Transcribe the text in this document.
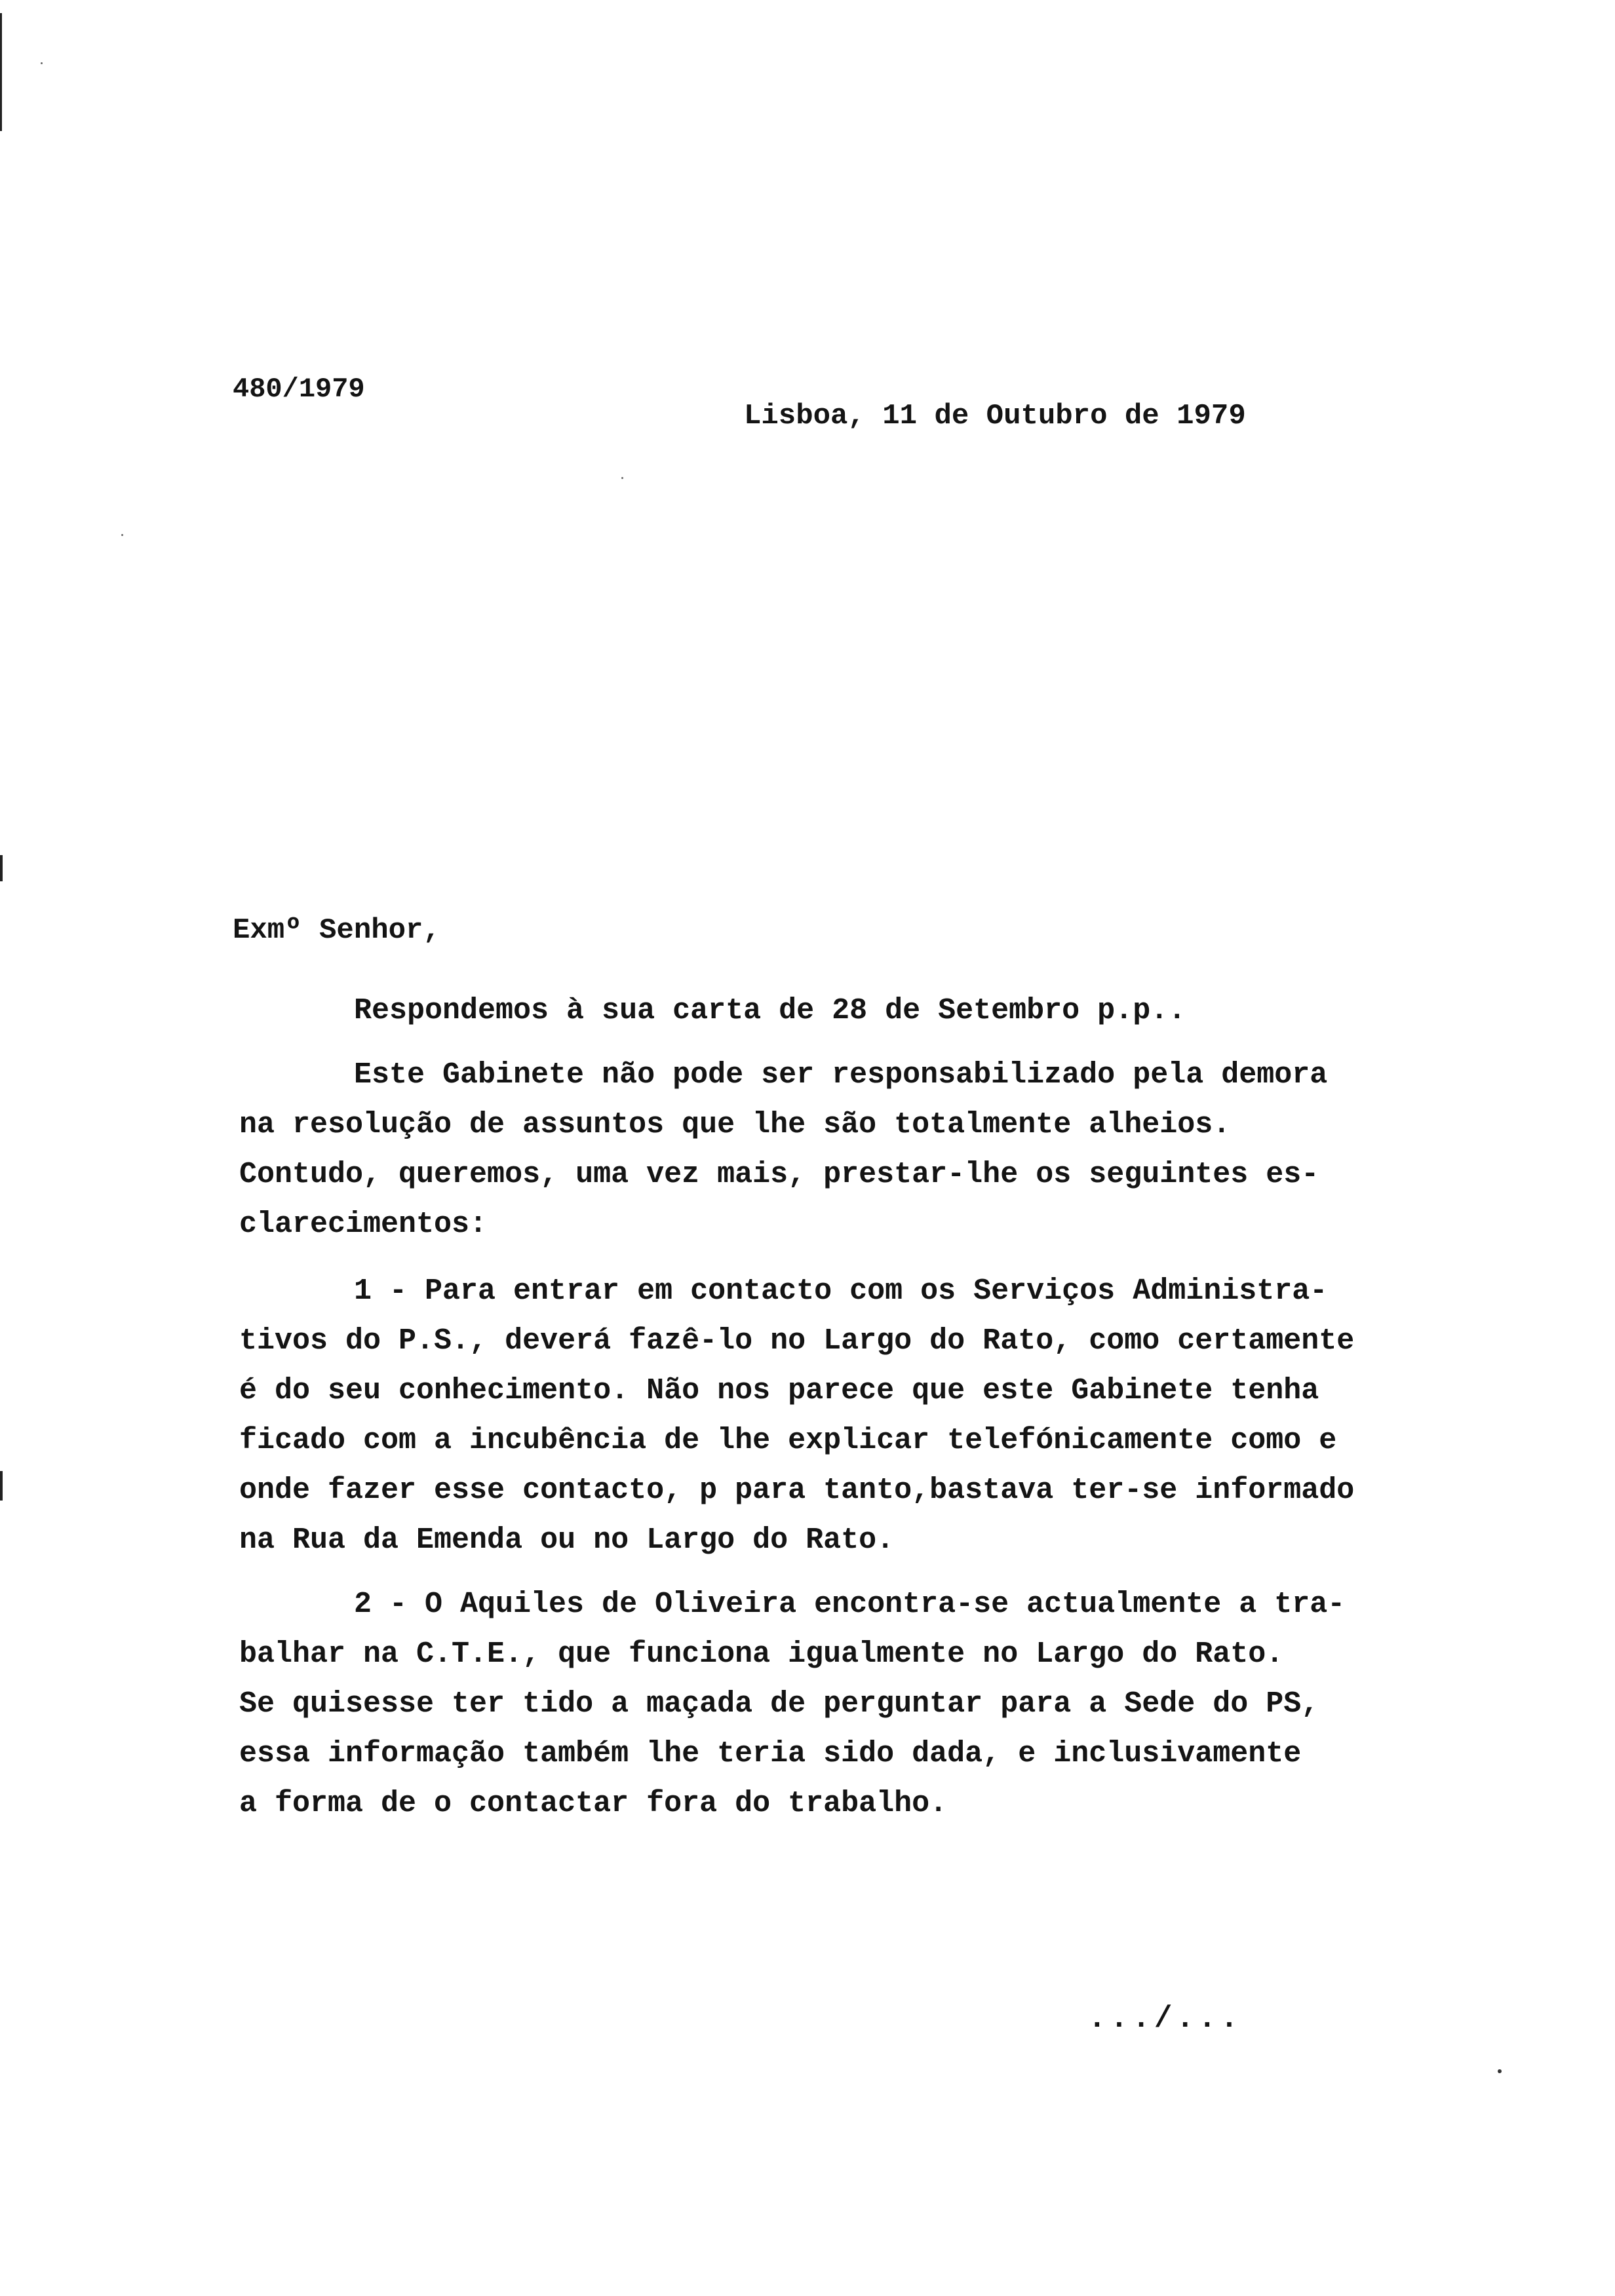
480/1979
Lisboa, 11 de Outubro de 1979
Exmº Senhor,
Respondemos à sua carta de 28 de Setembro p.p..
Este Gabinete não pode ser responsabilizado pela demora
na resolução de assuntos que lhe são totalmente alheios.
Contudo, queremos, uma vez mais, prestar-lhe os seguintes es-
clarecimentos:
1 - Para entrar em contacto com os Serviços Administra-
tivos do P.S., deverá fazê-lo no Largo do Rato, como certamente
é do seu conhecimento. Não nos parece que este Gabinete tenha
ficado com a incubência de lhe explicar telefónicamente como e
onde fazer esse contacto, p para tanto,bastava ter-se informado
na Rua da Emenda ou no Largo do Rato.
2 - O Aquiles de Oliveira encontra-se actualmente a tra-
balhar na C.T.E., que funciona igualmente no Largo do Rato.
Se quisesse ter tido a maçada de perguntar para a Sede do PS,
essa informação também lhe teria sido dada, e inclusivamente
a forma de o contactar fora do trabalho.
.../...
